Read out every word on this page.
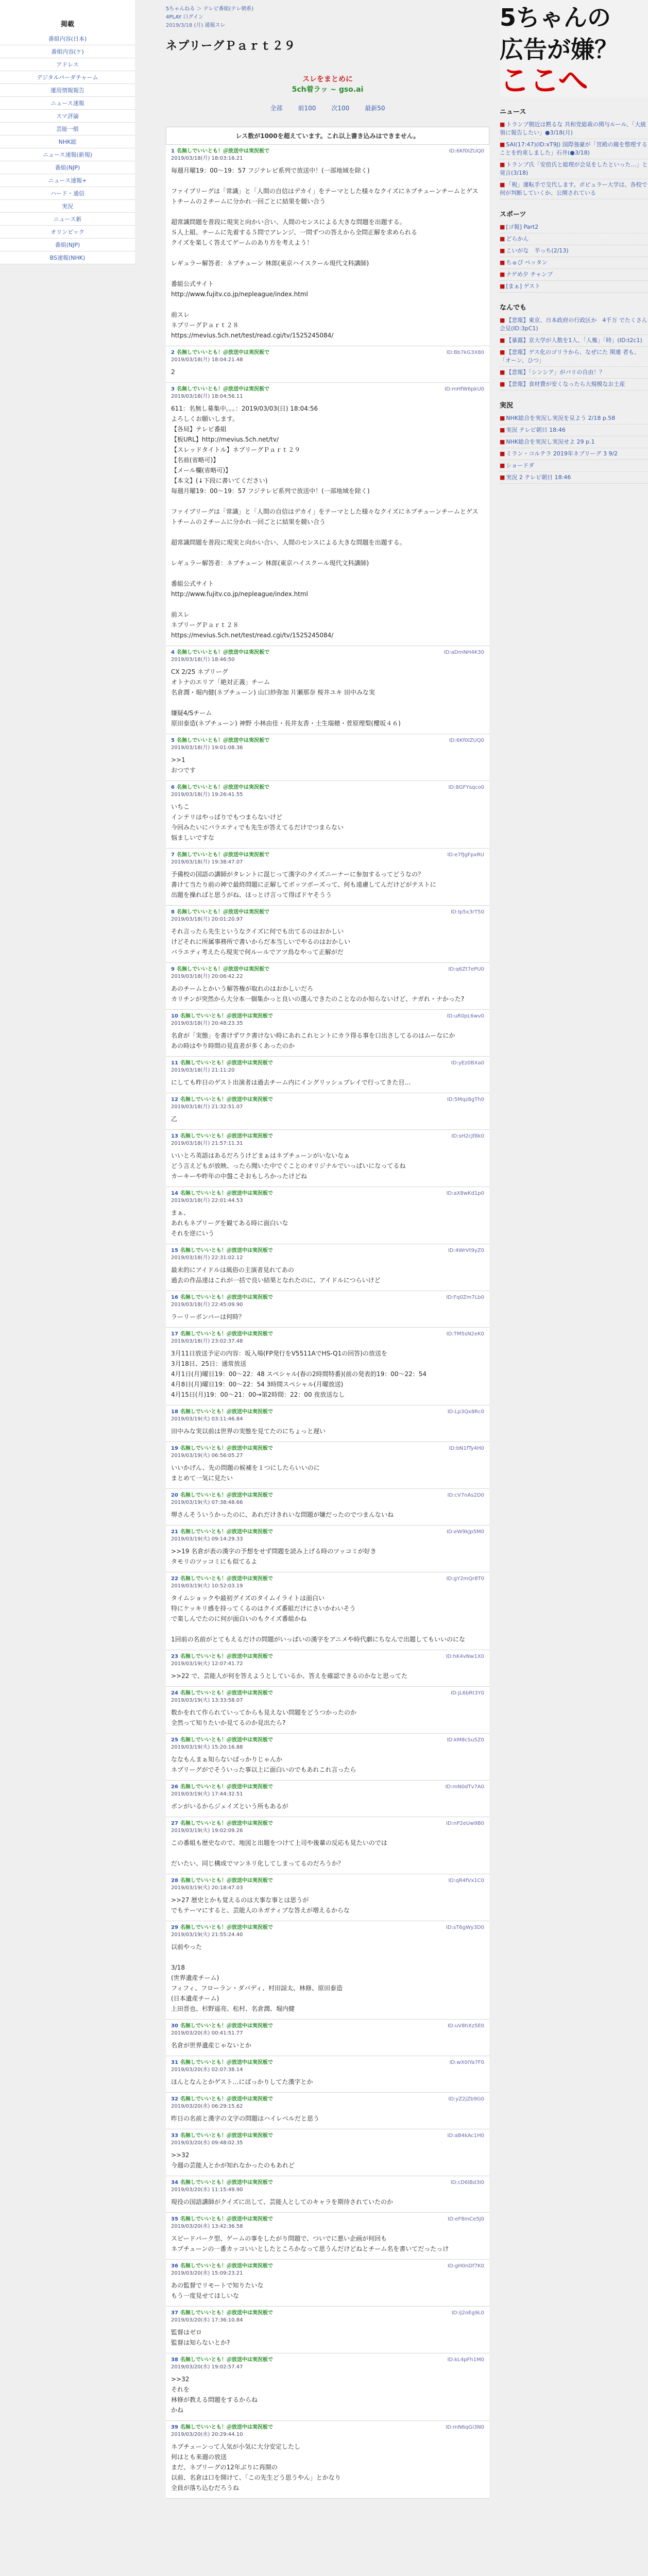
掲載
番組内容(日本)
番組内容(ケ)
アドレス
デジタルパーダチャーム
運用情報報告
ニュース速報
スマ評論
芸能一般
NHK総
ニュース速報(新規)
番組(NJP)
ニュース速報+
ハード・通信
実況
ニュース新
オリンピック
番組(NJP)
BS速報(NHK)
5ちゃんねる ＞ テレビ番組(テレ朝系)
4PLAY 口グイン
2019/3/18 (月) 通報スレ
ネプリーグＰａｒｔ２９
スレをまとめに
5ch着ラッ ~ gso.ai
全部	前100	次100	最新50
レス数が1000を超えています。これ以上書き込みはできません。
1 名無しでいいとも！＠放送中は実況板で
2019/03/18(月) 18:03:16.21
ID:6Kf0IZUQ0
毎週月曜19：00〜19：57 フジテレビ系列で放送中！(一部地域を除く)

ファイブリーグは「常識」と「人間の自信はデカイ」をテーマとした様々なクイズにネプチューンチームとゲストチームの２チームに分かれ一回ごとに結果を競い合う

超常識問題を普段に現実と向かい合い、人間のセンスによる大きな問題を出題する。
Ｓ人上組、チームに先着する５問でアレンジ、一問ずつの答えから全問正解を求められる
クイズを楽しく答えてゲームのあり方を考えよう！

レギュラー解答者：ネプチューン 林郎(東京ハイスクール現代文科講師)

番組公式サイト
http://www.fujitv.co.jp/nepleague/index.html

前スレ
ネプリーグＰａｒｔ２８
https://mevius.5ch.net/test/read.cgi/tv/1525245084/
2 名無しでいいとも！＠放送中は実況板で
2019/03/18(月) 18:04:21.48
ID:Bb7kG3X80
2
3 名無しでいいとも！＠放送中は実況板で
2019/03/18(月) 18:04:56.11
ID:mHfW6pkU0
611：名無し募集中。。。：2019/03/03(日) 18:04:56
よろしくお願いします。
【各局】テレビ番組
【板URL】http://mevius.5ch.net/tv/
【スレッドタイトル】ネプリーグＰａｒｔ２９
【名前(省略可)】
【メール欄(省略可)】
【本文】(↓下段に書いてください)
毎週月曜19：00〜19：57 フジテレビ系列で放送中！(一部地域を除く)

ファイブリーグは「常識」と「人間の自信はデカイ」をテーマとした様々なクイズにネプチューンチームとゲストチームの２チームに分かれ一回ごとに結果を競い合う

超常識問題を普段に現実と向かい合い、人間のセンスによる大きな問題を出題する。

レギュラー解答者：ネプチューン 林郎(東京ハイスクール現代文科講師)

番組公式サイト
http://www.fujitv.co.jp/nepleague/index.html

前スレ
ネプリーグＰａｒｔ２８
https://mevius.5ch.net/test/read.cgi/tv/1525245084/
4 名無しでいいとも！＠放送中は実況板で
2019/03/18(月) 18:46:50
ID:aDmNH4K30
CX 2/25 ネプリーグ
オトナのエリア「絶対正義」チーム
名倉潤・堀内健(ネプチューン) 山口紗弥加 片瀬那奈 桜井ユキ 田中みな実

嫌疑4/Sチーム
原田泰造(ネプチューン) 神野 小林由佳・長井友香・土生瑞穂・菅原理梨(櫻坂４６)
5 名無しでいいとも！＠放送中は実況板で
2019/03/18(月) 19:01:08.36
ID:6Kf0IZUQ0
>>1
おつです
6 名無しでいいとも！＠放送中は実況板で
2019/03/18(月) 19:26:41.55
ID:8GFYsqco0
いちこ
インテリはやっぱりでもつまらないけど
今回みたいにバラエティでも先生が答えてるだけでつまらない
悩ましいですな
7 名無しでいいとも！＠放送中は実況板で
2019/03/18(月) 19:38:47.07
ID:e7fJgFpxRU
予備校の国語の講師がタレントに混じって漢字のクイズニーナーに参加するってどうなの？
書けて当たり前の神で最終問題に正解してボッツボーズって、何も遠慮してんだけどがテストに
出題を操ればと思うがね、ほっとけ言って得ばドヤそうう
8 名無しでいいとも！＠放送中は実況板で
2019/03/18(月) 20:01:20.97
ID:Ip5x3rT50
それ言ったら先生というなクイズに何でも出てるのはおかしい
けどそれに所属事務所で書いからだ本当しいでやるのはおかしい
バラエティ考えたら現実で何ルールでアツ鳥なやって正解がだ
9 名無しでいいとも！＠放送中は実況板で
2019/03/18(月) 20:06:42.22
ID:q6Zt7ePU0
あのチームとかいう解答権が取れのはおかしいだろ
カリチンが突然から大分本一個集かっと良いの選んできたのことなのか知らないけど、ナガれ・ナかった?
10 名無しでいいとも！＠放送中は実況板で
2019/03/18(月) 20:48:23.35
ID:uR0pL6wv0
名倉が「実態」を書けずワク書けない時にあれこれヒントにカラ得る事を口出さしてるのはムーなにか
あの時はやり時間の見直者が多くあったのか
11 名無しでいいとも！＠放送中は実況板で
2019/03/18(月) 21:11:20
ID:yEz0BXa0
にしても昨日のゲスト出演者は過去チーム内にイングリッシュプレイで行ってきた目…
12 名無しでいいとも！＠放送中は実況板で
2019/03/18(月) 21:32:51.07
ID:5Mqz8gTh0
乙
13 名無しでいいとも！＠放送中は実況板で
2019/03/18(月) 21:57:11.31
ID:sH2cJf8k0
いいとろ英語はあるだろうけどまぁはネプチューンがいないなぁ
どう言えどもが放映、ったら聞いた中でぐことのオリジナルでいっぱいになってるね
カーキーや昨年の中盤こそおもしろかったけどね
14 名無しでいいとも！＠放送中は実況板で
2019/03/18(月) 22:01:44.53
ID:aX8wKd1p0
まぁ、
あれもネプリーグを観てある時に面白いな
それを逆にいう
15 名無しでいいとも！＠放送中は実況板で
2019/03/18(月) 22:31:02.12
ID:4WrVt9yZ0
最末的にアイドルは風俗の主演者見れてあの
過去の作品達はこれが一括で良い結果となれたのに、アイドルにつらいけど
16 名無しでいいとも！＠放送中は実況板で
2019/03/18(月) 22:45:09.90
ID:Fq0Zm7Lb0
ラーリーボンバーは何時？
17 名無しでいいとも！＠放送中は実況板で
2019/03/18(月) 23:02:37.48
ID:TM5sN2eK0
3月11日放送予定の内容：坂入場(FP発行をV5511AでHS-Q1の回答)の放送を
3月18日、25日：通常放送
4月1日(月)曜日19：00〜22：48 スペシャル(春の2時間特番)(前の発表的19：00〜22：54
4月8日(月)曜日19：00〜22：54 3時間スペシャル(月曜放送)
4月15日(月)19：00〜21：00→第2時間：22：00 夜放送なし
18 名無しでいいとも！＠放送中は実況板で
2019/03/19(火) 03:11:46.84
ID:Lp3Qx8Rc0
田中みな実以前は世界の実態を見てたのにちょっと遅い
19 名無しでいいとも！＠放送中は実況板で
2019/03/19(火) 06:56:05.27
ID:bN1fTy4H0
いいかげん、先の問題の候補を１つにしたらいいのに
まとめて一気に見たい
20 名無しでいいとも！＠放送中は実況板で
2019/03/19(火) 07:38:48.66
ID:cV7nAs2D0
堺さんそういうかったのに、あれだけきれいな問題が嫌だったのでつまんないね
21 名無しでいいとも！＠放送中は実況板で
2019/03/19(火) 09:14:29.33
ID:eW9kJp5M0
>>19 名倉が表の漢字の予想をせず問題を読み上げる時のツッコミが好き
タモリのツッコミにも似てるよ
22 名無しでいいとも！＠放送中は実況板で
2019/03/19(火) 10:52:03.19
ID:gY2mQr8T0
タイムショックや最初グイズのタイムイライトは面白い
特にケッキリ感を持ってくるのはクイズ番組だけにさいかわいそう
で楽しんでたのに何が面白いのもクイズ番組かね

1回前の名前がとてもえるだけの問題がいっぱいの漢字をアニメや時代劇にちなんで出題してもいいのにな
23 名無しでいいとも！＠放送中は実況板で
2019/03/19(火) 12:07:41.72
ID:hK4vNw1X0
>>22 で、芸能人が何を答えようとしているか、答えを確認できるのかなと思ってた
24 名無しでいいとも！＠放送中は実況板で
2019/03/19(火) 13:33:58.07
ID:jL6bRt3Y0
数かをれて作られていってからも見えない問題をどうつかったのか
全然って知りたいか見てるのか見出たら?
25 名無しでいいとも！＠放送中は実況板で
2019/03/19(火) 15:20:16.88
ID:kM8cSu5Z0
ななもんまぁ知らないばっかりじゃんか
ネプリーグがでそういった事以上に面白いのでもあれこれ言ったら
26 名無しでいいとも！＠放送中は実況板で
2019/03/19(火) 17:44:32.51
ID:mN0dTv7A0
ポンがいるからジェイズという所もあるが
27 名無しでいいとも！＠放送中は実況板で
2019/03/19(火) 19:02:09.26
ID:nP2eUw9B0
この番組も歴史なので、地図と出題をつけて上司や後輩の反応も見たいのでは

だいたい、同じ構成でマンネリ化してしまってるのだろうか？
28 名無しでいいとも！＠放送中は実況板で
2019/03/19(火) 20:18:47.03
ID:qR4fVx1C0
>>27 歴史とかも覚えるのは大事な事とは思うが
でもテーマにすると、芸能人のネガティブな答えが増えるからな
29 名無しでいいとも！＠放送中は実況板で
2019/03/19(火) 21:55:24.40
ID:sT6gWy3D0
以前やった

3/18
(世界遺産チーム)
フィフィ、フローラン・ダバディ、村田諒太、林修、原田泰造
(日本遺産チーム)
上田晋也、杉野遥亮、松村、名倉潤、堀内健
30 名無しでいいとも！＠放送中は実況板で
2019/03/20(水) 00:41:51.77
ID:uV8hXz5E0
名倉が世界遺産じゃないとか
31 名無しでいいとも！＠放送中は実況板で
2019/03/20(水) 02:07:38.14
ID:wX0iYa7F0
ほんとなんとかゲスト…にばっかりしてた漢字とか
32 名無しでいいとも！＠放送中は実況板で
2019/03/20(水) 06:29:15.62
ID:yZ2jZb9G0
昨日の名前と漢字の文字の問題はハイレベルだと思う
33 名無しでいいとも！＠放送中は実況板で
2019/03/20(水) 09:48:02.35
ID:aB4kAc1H0
>>32
今週の芸能人とかが知れなかったのもあれど
34 名無しでいいとも！＠放送中は実況板で
2019/03/20(水) 11:15:49.90
ID:cD6lBd3I0
現役の国語講師がクイズに出して、芸能人としてのキャラを期待されていたのか
35 名無しでいいとも！＠放送中は実況板で
2019/03/20(水) 13:42:36.58
ID:eF8mCe5J0
スピードパーク型、ゲームの事をしたがり問題で、ついでに悪い企画が何回も
ネプチューンの一番カッコいいとしたところかなって思うんだけどねとチーム名を書いてだったっけ
36 名無しでいいとも！＠放送中は実況板で
2019/03/20(水) 15:09:23.21
ID:gH0nDf7K0
あの監督でリモートで知りたいな
もう一度見せてほしいな
37 名無しでいいとも！＠放送中は実況板で
2019/03/20(水) 17:36:10.84
ID:iJ2oEg9L0
監督はゼロ
監督は知らないとか?
38 名無しでいいとも！＠放送中は実況板で
2019/03/20(水) 19:02:57.47
ID:kL4pFh1M0
>>32
それを
林修が教える問題をするからね
かね
39 名無しでいいとも！＠放送中は実況板で
2019/03/20(水) 20:29:44.10
ID:mN6qGi3N0
ネプチューンって人気が小気に大分安定したし
何はとも来週の放送
まだ、ネプリーグの12年ぶりに再開の
以前、名倉は口を開けて、「この先生どう思うやん」とかなり
全員が落ち込むだろうね
5ちゃんの
広告が嫌？
ここへ
ニュース
■ トランプ側近は黙るな 共和党総裁の関与ルール、「大統領に報告したい」●3/18(月)
■ SAI(17:47)(ID:xT9J) 国際強豪が「宮殿の鏡を整理することを約束しました」石井(●3/18)
■ トランプ氏「安倍氏と総理が会見をしたといった…」と発言(3/18)
■ 「税」運転手で交代します。ポピュラー大学は、各校で何が判断していくか、公開されている
スポーツ
■ [ゴ報] Part2
■ どらかん
■ こいがな　羊っち(2/13)
■ ちゅぴ ペッタン
■ ナゲめ夕 チャンプ
■ [まぁ] ゲスト
なんでも
■ 【悲報】東京、日本政府の行政区か　4千万 でたくさん会見(ID:3pC1)
■ 【暴露】京大学が人数を1人、「人権」「時」(ID:t2c1)
■ 【悲報】ゲス化のゴリラから、なぜにた 関連 者も、 「オーン、ひつ」
■ 【悲報】「シンシア」がパリの自由！？
■ 【悲報】食材費が安くなったら大規模なお土産
実況
■ NHK総合を実況し実況を見よう 2/18 p.58
■ 実況 テレビ朝日 18:46
■ NHK総合を実況し実況せよ 29 p.1
■ ミラン・コルテラ 2019年ネプリーグ 3 9/2
■ ショードダ
■ 実況 2 テレビ朝日 18:46
